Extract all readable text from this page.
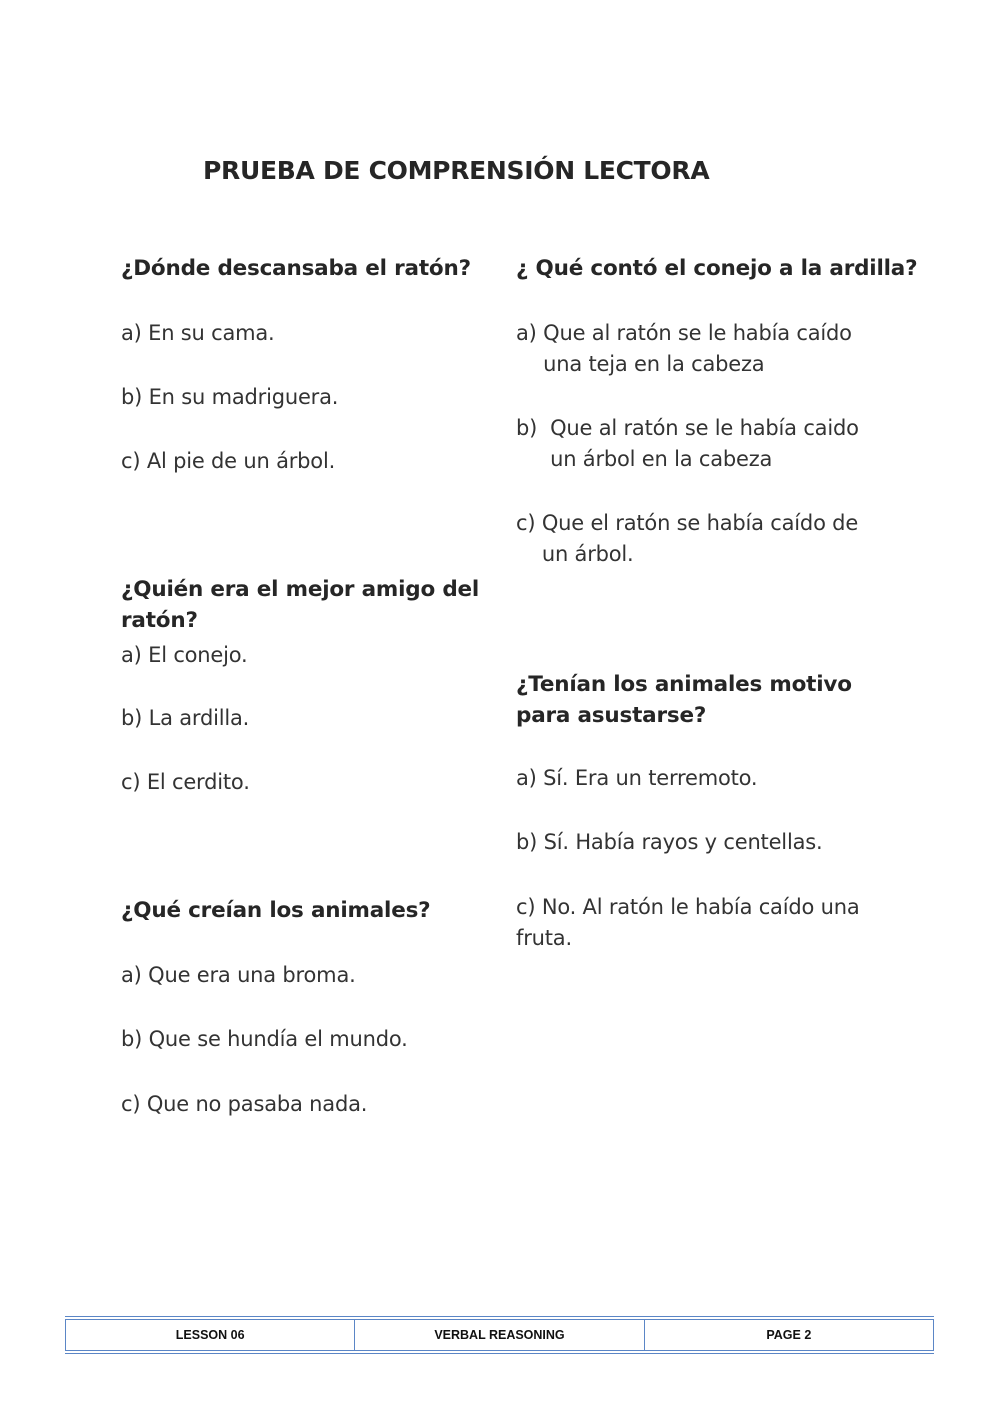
PRUEBA DE COMPRENSIÓN LECTORA
¿Dónde descansaba el ratón?
a) En su cama.
b) En su madriguera.
c) Al pie de un árbol.
¿Quién era el mejor amigo del ratón?
a) El conejo.
b) La ardilla.
c) El cerdito.
¿Qué creían los animales?
a) Que era una broma.
b) Que se hundía el mundo.
c) Que no pasaba nada.
¿ Qué contó el conejo a la ardilla?
a) Que al ratón se le había caído una teja en la cabeza
b) Que al ratón se le había caido un árbol en la cabeza
c) Que el ratón se había caído de un árbol.
¿Tenían los animales motivo para asustarse?
a) Sí. Era un terremoto.
b) Sí. Había rayos y centellas.
c) No. Al ratón le había caído una fruta.
LESSON 06	VERBAL REASONING	PAGE 2
